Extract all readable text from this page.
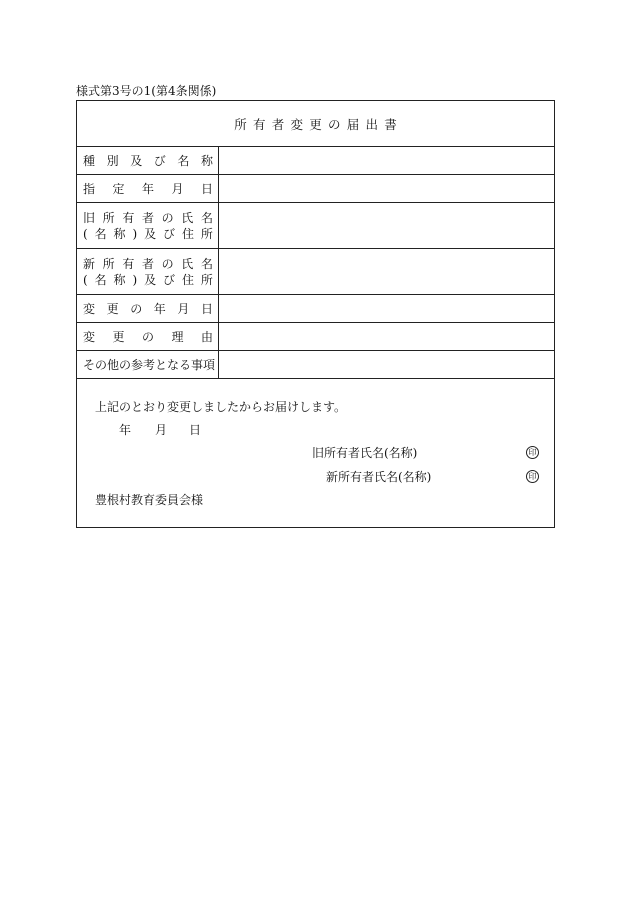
様式第3号の1(第4条関係)
所有者変更の届出書
種 別 及 び 名 称
指 定 年 月 日
旧 所 有 者 の 氏 名
( 名 称 ) 及 び 住 所
新 所 有 者 の 氏 名
( 名 称 ) 及 び 住 所
変 更 の 年 月 日
変 更 の 理 由
その他の参考となる事項
上記のとおり変更しましたからお届けします。
年 月 日
旧所有者氏名(名称)	印
新所有者氏名(名称)	印
豊根村教育委員会様
